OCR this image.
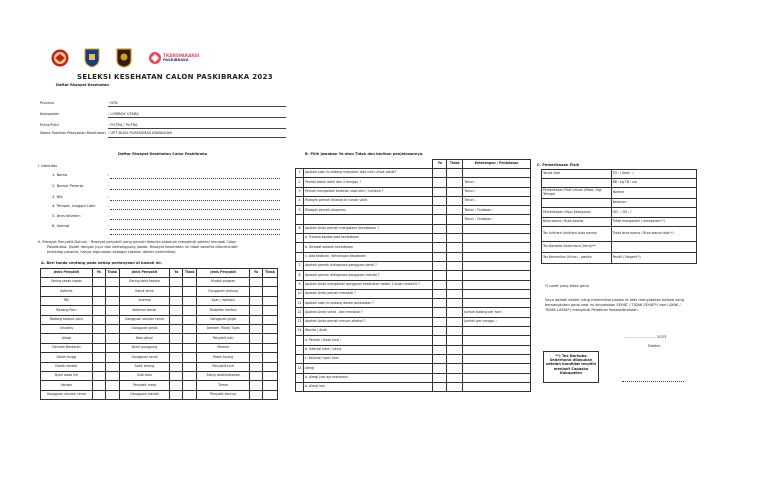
TRANSPARANSI
PASKIBRAKA
SELEKSI KESEHATAN CALON PASKIBRAKA 2023
Daftar Riwayat Kesehatan
Provinsi	: NTB
Kabupaten	: LOMBOK UTARA
Putra/Putri	: PUTRA / PUTRA
Nama Fasilitas Pelayanan Kesehatan : UPT BLUD PUSKESMAS KAYANGAN
Daftar Riwayat Kesehatan Calon Paskibraka
I. Identitas
1. Nama	:
2. Nomor Peserta	:
3. NIK	:
4. Tempat, tanggal Lahir	:
5. Jenis Kelamin	:
6. Alamat	:
II. Riwayat Penyakit Dahulu : Riwayat penyakit yang pernah diderita sebelum mengikuti seleksi menjadi Calon
Paskibraka. (Isilah dengan jujur dan bertanggung jawab. Riwayat kesehatan ini tidak bersifat diskriminatif
terhadap peserta, hanya digunakan sebagai catatan dokter pemeriksa)
A. Beri tanda centang pada setiap pertanyaan di bawah ini.
Jenis Penyakit	Ya	Tidak	Jenis Penyakit	Ya	Tidak	Jenis Penyakit	Ya	Tidak
Sering sesak napas			Sering sakit kepala			Mudah pingsan		
Asthma			Batuk lama			Gangguan jantung		
TBC			Anemia			Ayan / epilepsi		
Radang Paru			Kelainan darah			Diabetes melitus		
Radang selaput paru			Gangguan saluran cerna			Gangguan ginjal		
Sinusitis			Gangguan ginjal			Demam Tifoid/ Tipes		
Alergi			Batu ginjal			Penyakit hati		
Demam Berdarah			Nyeri punggung			Malaria		
Darah tinggi			Gangguan sendi			Patah tulang		
Darah rendah			Sakit kuning			Penyakit kulit		
Nyeri dada kiri			Sulit tidur			Alergi obat/makanan		
Varises			Penyakit mata			Tumor		
Gangguan saluran cerna			Gangguan mental			Penyakit lainnya		
B. Pilih jawaban Ya atau Tidak dan berikan penjelasannya.
		Ya	Tidak	Keterangan / Penjelasan
1	Apakah saat ini sedang menjalani diet rutin untuk sehat?			
2	Pernah batuk lebih dari 2 minggu ?			Tahun :
3	Pernah mengalami kelainan saat lahir / tumbuh ?			Tahun :
4	Riwayat pernah dirawat di rumah sakit			Tahun :
5	Riwayat pernah dioperasi			Tahun : Tindakan :
				Tahun : Tindakan :
6	Apakah Anda pernah mengalami kecelakaan ?			
	a. Trauma kepala saat kecelakaan			
	b. Dirawat setelah kecelakaan			
	c. Ada kelainan, kehilangan kesadaran			
7	Apakah pernah didiagnosa gangguan sendi ?			
8	Apakah pernah didiagnosa gangguan mental ?			
9	Apakah Anda mengalami gangguan kesehatan dalam 3 bulan terakhir ?			
10	Apakah Anda pernah merokok ?			
11	Apakah saat ini sedang dalam perawatan ?			
12	Apakah Anda sehat - dan merokok ?			Jumlah batang per hari :
13	Apakah Anda pernah minum alkohol ?			Jumlah per minggu :
14	Wanita / Anak			
	a. Pernah / tidak haid :			
	b. Interval haid / siklus			
	c. Keluhan nyeri haid			
15	Alergi			
	a. Alergi (zat aja makanan)			
	b. Alergi lain			
C. Pemeriksaan Fisik
Tanda vital	TD : / Nadi : /
	BB : kg TB : cm
Pemeriksaan Fisik Umum (Mata, Gigi, Telinga)	Normal
	Kelainan :
Pemeriksaan Visus Ketajaman	OD : / OS : /
Buta warna / Buta parsial	Tidak mengalami / mengalami *)
Tes Ishihara (Ishihara buta warna)	Tidak buta warna / Buta warna total *)
Tes Narkoba Sederhana (Urine)**	
Tes Kehamilan (Urine) - wanita	Positif / Negatif *)
*) coret yang tidak perlu
Saya adalah dokter yang memeriksa pasien di atas menyatakan bahwa yang
bersangkutan pada saat ini dinyatakan SEHAT / TIDAK SEHAT*) dan LAYAK /
TIDAK LAYAK*) mengikuti Pelatihan Kepaskibrakaan.
..........., ............... 2023
Dokter,
**) Tes Narkoba
Sederhana dilakukan
setelah kandidat terpilih
menjadi Capaska
Kabupaten
